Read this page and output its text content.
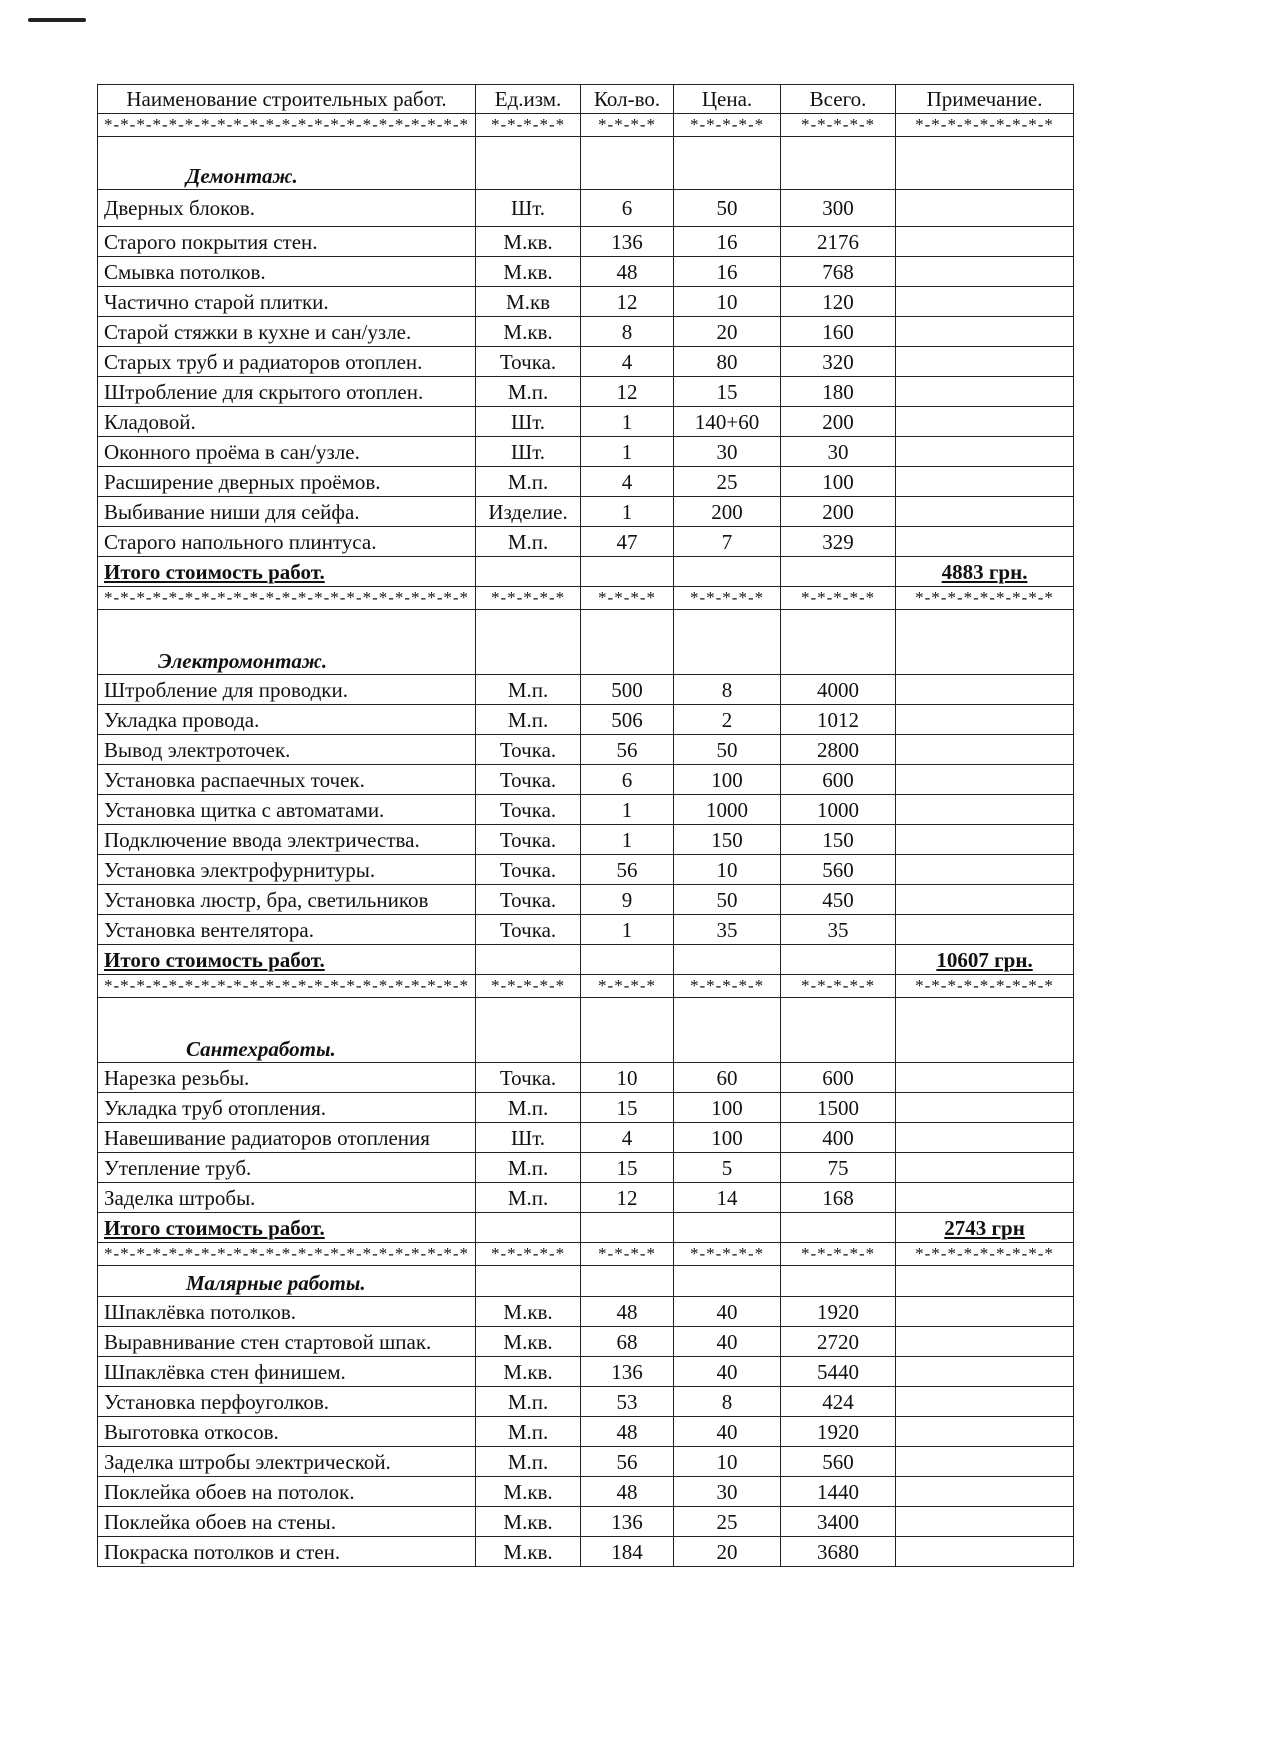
Наименование строительных работ.	Ед.изм.	Кол-во.	Цена.	Всего.	Примечание.
*-*-*-*-*-*-*-*-*-*-*-*-*-*-*-*-*-*-*-*-*-*-*	*-*-*-*-*	*-*-*-*	*-*-*-*-*	*-*-*-*-*	*-*-*-*-*-*-*-*-*
Демонтаж.					
Дверных блоков.	Шт.	6	50	300	
Старого покрытия стен.	М.кв.	136	16	2176	
Смывка потолков.	М.кв.	48	16	768	
Частично старой плитки.	М.кв	12	10	120	
Старой стяжки в кухне и сан/узле.	М.кв.	8	20	160	
Старых труб и радиаторов отоплен.	Точка.	4	80	320	
Штробление для скрытого отоплен.	М.п.	12	15	180	
Кладовой.	Шт.	1	140+60	200	
Оконного проёма в сан/узле.	Шт.	1	30	30	
Расширение дверных проёмов.	М.п.	4	25	100	
Выбивание ниши для сейфа.	Изделие.	1	200	200	
Старого напольного плинтуса.	М.п.	47	7	329	
Итого стоимость работ.					4883 грн.
*-*-*-*-*-*-*-*-*-*-*-*-*-*-*-*-*-*-*-*-*-*-*	*-*-*-*-*	*-*-*-*	*-*-*-*-*	*-*-*-*-*	*-*-*-*-*-*-*-*-*
Электромонтаж.					
Штробление для проводки.	М.п.	500	8	4000	
Укладка провода.	М.п.	506	2	1012	
Вывод электроточек.	Точка.	56	50	2800	
Установка распаечных точек.	Точка.	6	100	600	
Установка щитка с автоматами.	Точка.	1	1000	1000	
Подключение ввода электричества.	Точка.	1	150	150	
Установка электрофурнитуры.	Точка.	56	10	560	
Установка люстр, бра, светильников	Точка.	9	50	450	
Установка вентелятора.	Точка.	1	35	35	
Итого стоимость работ.					10607 грн.
*-*-*-*-*-*-*-*-*-*-*-*-*-*-*-*-*-*-*-*-*-*-*	*-*-*-*-*	*-*-*-*	*-*-*-*-*	*-*-*-*-*	*-*-*-*-*-*-*-*-*
Сантехработы.					
Нарезка резьбы.	Точка.	10	60	600	
Укладка труб отопления.	М.п.	15	100	1500	
Навешивание радиаторов отопления	Шт.	4	100	400	
Утепление труб.	М.п.	15	5	75	
Заделка штробы.	М.п.	12	14	168	
Итого стоимость работ.					2743 грн
*-*-*-*-*-*-*-*-*-*-*-*-*-*-*-*-*-*-*-*-*-*-*	*-*-*-*-*	*-*-*-*	*-*-*-*-*	*-*-*-*-*	*-*-*-*-*-*-*-*-*
Малярные работы.					
Шпаклёвка потолков.	М.кв.	48	40	1920	
Выравнивание стен стартовой шпак.	М.кв.	68	40	2720	
Шпаклёвка стен финишем.	М.кв.	136	40	5440	
Установка перфоуголков.	М.п.	53	8	424	
Выготовка откосов.	М.п.	48	40	1920	
Заделка штробы электрической.	М.п.	56	10	560	
Поклейка обоев на потолок.	М.кв.	48	30	1440	
Поклейка обоев на стены.	М.кв.	136	25	3400	
Покраска потолков и стен.	М.кв.	184	20	3680	
